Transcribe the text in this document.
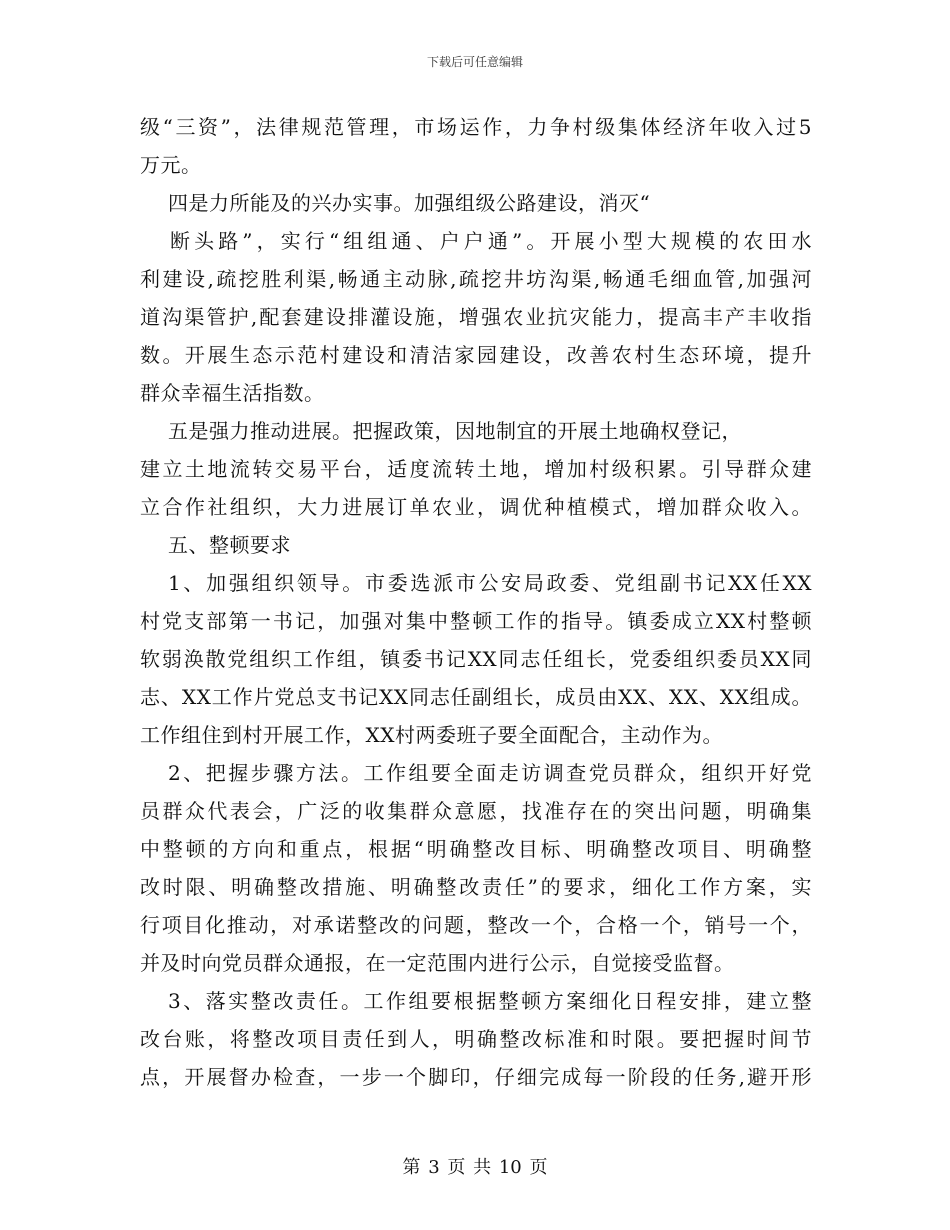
下载后可任意编辑
级“三资”，法律规范管理，市场运作，力争村级集体经济年收入过5
万元。
四是力所能及的兴办实事。加强组级公路建设，消灭“
断头路”，实行“组组通、户户通”。开展小型大规模的农田水
利建设,疏挖胜利渠,畅通主动脉,疏挖井坊沟渠,畅通毛细血管,加强河
道沟渠管护,配套建设排灌设施，增强农业抗灾能力，提高丰产丰收指
数。开展生态示范村建设和清洁家园建设，改善农村生态环境，提升
群众幸福生活指数。
五是强力推动进展。把握政策，因地制宜的开展土地确权登记，
建立土地流转交易平台，适度流转土地，增加村级积累。引导群众建
立合作社组织，大力进展订单农业，调优种植模式，增加群众收入。
五、整顿要求
1、加强组织领导。市委选派市公安局政委、党组副书记XX任XX
村党支部第一书记，加强对集中整顿工作的指导。镇委成立XX村整顿
软弱涣散党组织工作组，镇委书记XX同志任组长，党委组织委员XX同
志、XX工作片党总支书记XX同志任副组长，成员由XX、XX、XX组成。
工作组住到村开展工作，XX村两委班子要全面配合，主动作为。
2、把握步骤方法。工作组要全面走访调查党员群众，组织开好党
员群众代表会，广泛的收集群众意愿，找准存在的突出问题，明确集
中整顿的方向和重点，根据“明确整改目标、明确整改项目、明确整
改时限、明确整改措施、明确整改责任”的要求，细化工作方案，实
行项目化推动，对承诺整改的问题，整改一个，合格一个，销号一个，
并及时向党员群众通报，在一定范围内进行公示，自觉接受监督。
3、落实整改责任。工作组要根据整顿方案细化日程安排，建立整
改台账，将整改项目责任到人，明确整改标准和时限。要把握时间节
点，开展督办检查，一步一个脚印，仔细完成每一阶段的任务,避开形
第 3 页 共 10 页
